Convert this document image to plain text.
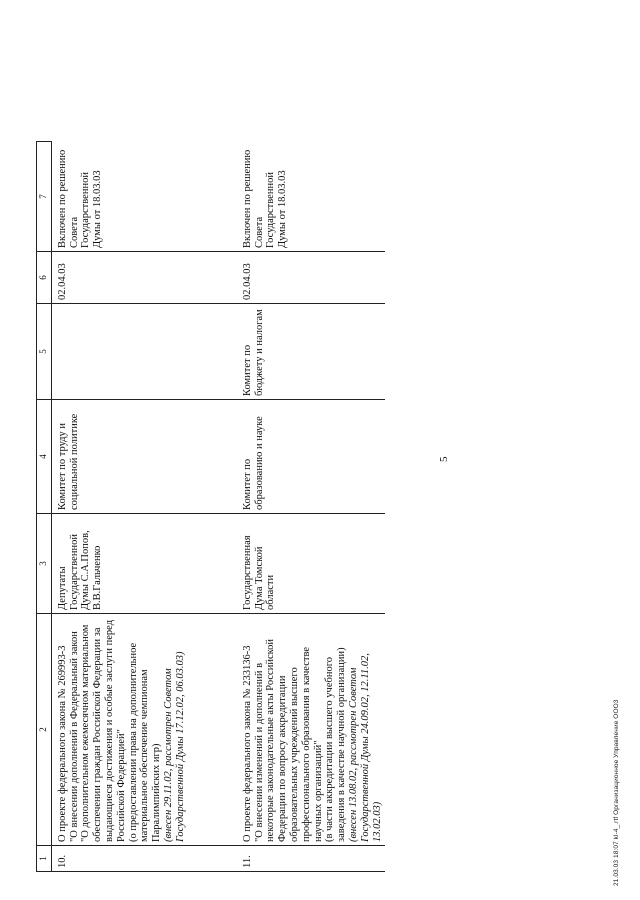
1	2	3	4	5	6	7
10.	О проекте федерального закона № 269993-3 "О внесении дополнений в Федеральный закон "О дополнительном ежемесячном материальном обеспечении граждан Российской Федерации за выдающиеся достижения и особые заслуги перед Российской Федерацией" (о предоставлении права на дополнительное материальное обеспечение чемпионам Паралимпийских игр) (внесен 29.11.02, рассмотрен Советом Государственной Думы 17.12.02, 06.03.03)	Депутаты Государственной Думы С.А.Попов, В.В.Гальченко	Комитет по труду и социальной политике		02.04.03	Включен по решению Совета Государственной Думы от 18.03.03
11.	О проекте федерального закона № 233136-3 "О внесении изменений и дополнений в некоторые законодательные акты Российской Федерации по вопросу аккредитации образовательных учреждений высшего профессионального образования в качестве научных организаций" (в части аккредитации высшего учебного заведения в качестве научной организации) (внесен 13.08.02, рассмотрен Советом Государственной Думы 24.09.02, 12.11.02, 13.02.03)	Государственная Дума Томской области	Комитет по образованию и науке	Комитет по бюджету и налогам	02.04.03	Включен по решению Совета Государственной Думы от 18.03.03
5
21.03.03 18:07 kl-4_.rtf Организационное Управление ООО3
